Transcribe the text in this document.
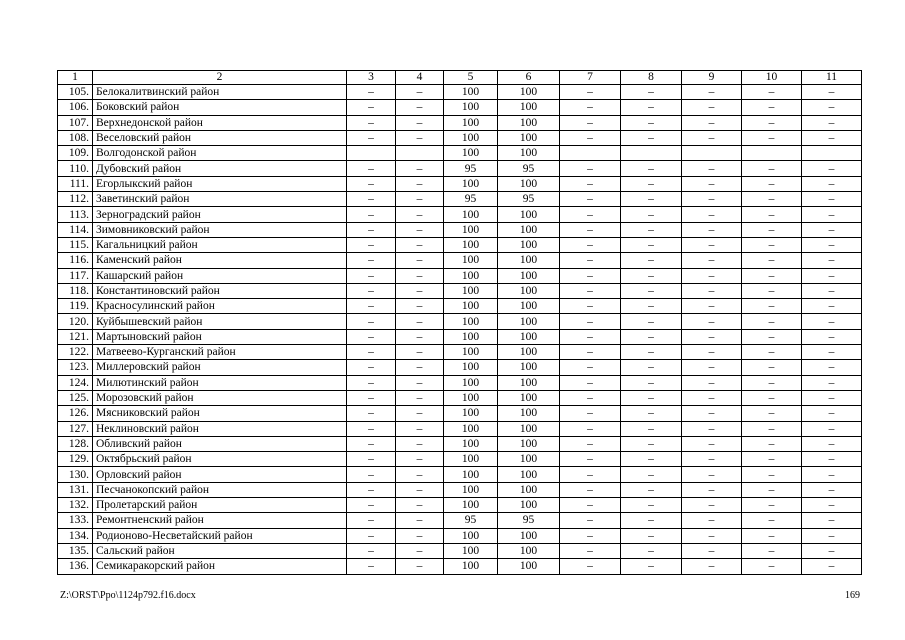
1	2	3	4	5	6	7	8	9	10	11
105.	Белокалитвинский район	–	–	100	100	–	–	–	–	–
106.	Боковский район	–	–	100	100	–	–	–	–	–
107.	Верхнедонской район	–	–	100	100	–	–	–	–	–
108.	Веселовский район	–	–	100	100	–	–	–	–	–
109.	Волгодонской район			100	100					
110.	Дубовский район	–	–	95	95	–	–	–	–	–
111.	Егорлыкский район	–	–	100	100	–	–	–	–	–
112.	Заветинский район	–	–	95	95	–	–	–	–	–
113.	Зерноградский район	–	–	100	100	–	–	–	–	–
114.	Зимовниковский район	–	–	100	100	–	–	–	–	–
115.	Кагальницкий район	–	–	100	100	–	–	–	–	–
116.	Каменский район	–	–	100	100	–	–	–	–	–
117.	Кашарский район	–	–	100	100	–	–	–	–	–
118.	Константиновский район	–	–	100	100	–	–	–	–	–
119.	Красносулинский район	–	–	100	100	–	–	–	–	–
120.	Куйбышевский район	–	–	100	100	–	–	–	–	–
121.	Мартыновский район	–	–	100	100	–	–	–	–	–
122.	Матвеево-Курганский район	–	–	100	100	–	–	–	–	–
123.	Миллеровский район	–	–	100	100	–	–	–	–	–
124.	Милютинский район	–	–	100	100	–	–	–	–	–
125.	Морозовский район	–	–	100	100	–	–	–	–	–
126.	Мясниковский район	–	–	100	100	–	–	–	–	–
127.	Неклиновский район	–	–	100	100	–	–	–	–	–
128.	Обливский район	–	–	100	100	–	–	–	–	–
129.	Октябрьский район	–	–	100	100	–	–	–	–	–
130.	Орловский район	–	–	100	100	–	–	–	–	–
131.	Песчанокопский район	–	–	100	100	–	–	–	–	–
132.	Пролетарский район	–	–	100	100	–	–	–	–	–
133.	Ремонтненский район	–	–	95	95	–	–	–	–	–
134.	Родионово-Несветайский район	–	–	100	100	–	–	–	–	–
135.	Сальский район	–	–	100	100	–	–	–	–	–
136.	Семикаракорский район	–	–	100	100	–	–	–	–	–
Z:\ORST\Ppo\1124p792.f16.docx	169
